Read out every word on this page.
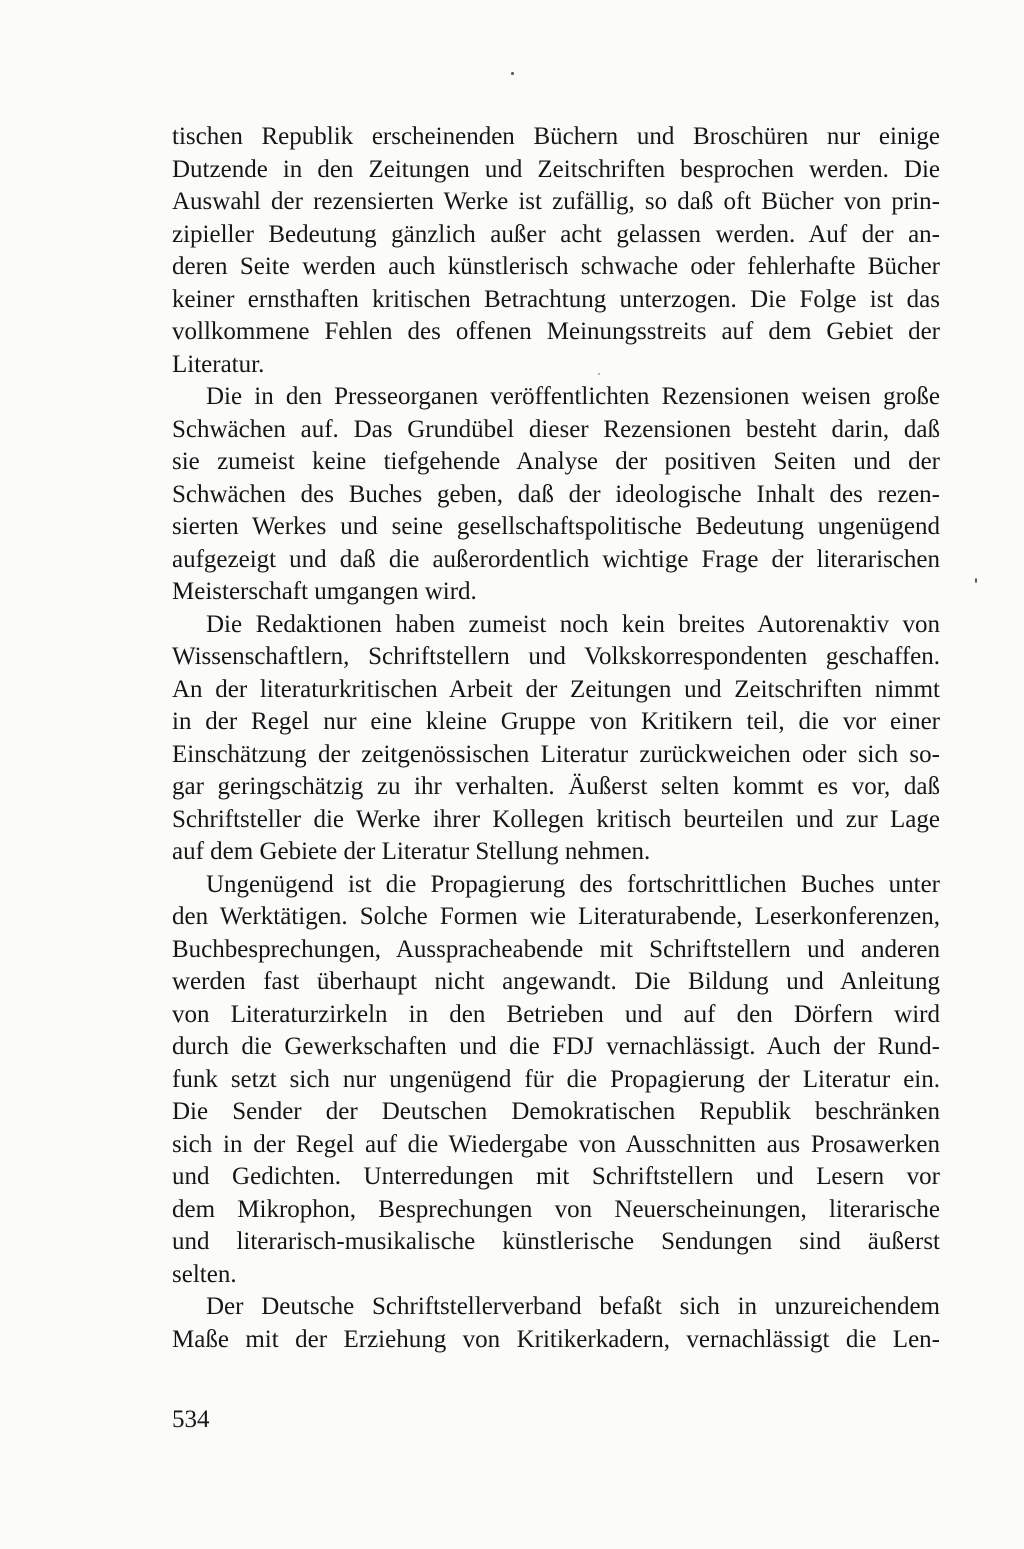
tischen Republik erscheinenden Büchern und Broschüren nur einige
Dutzende in den Zeitungen und Zeitschriften besprochen werden. Die
Auswahl der rezensierten Werke ist zufällig, so daß oft Bücher von prin-
zipieller Bedeutung gänzlich außer acht gelassen werden. Auf der an-
deren Seite werden auch künstlerisch schwache oder fehlerhafte Bücher
keiner ernsthaften kritischen Betrachtung unterzogen. Die Folge ist das
vollkommene Fehlen des offenen Meinungsstreits auf dem Gebiet der
Literatur.
Die in den Presseorganen veröffentlichten Rezensionen weisen große
Schwächen auf. Das Grundübel dieser Rezensionen besteht darin, daß
sie zumeist keine tiefgehende Analyse der positiven Seiten und der
Schwächen des Buches geben, daß der ideologische Inhalt des rezen-
sierten Werkes und seine gesellschaftspolitische Bedeutung ungenügend
aufgezeigt und daß die außerordentlich wichtige Frage der literarischen
Meisterschaft umgangen wird.
Die Redaktionen haben zumeist noch kein breites Autorenaktiv von
Wissenschaftlern, Schriftstellern und Volkskorrespondenten geschaffen.
An der literaturkritischen Arbeit der Zeitungen und Zeitschriften nimmt
in der Regel nur eine kleine Gruppe von Kritikern teil, die vor einer
Einschätzung der zeitgenössischen Literatur zurückweichen oder sich so-
gar geringschätzig zu ihr verhalten. Äußerst selten kommt es vor, daß
Schriftsteller die Werke ihrer Kollegen kritisch beurteilen und zur Lage
auf dem Gebiete der Literatur Stellung nehmen.
Ungenügend ist die Propagierung des fortschrittlichen Buches unter
den Werktätigen. Solche Formen wie Literaturabende, Leserkonferenzen,
Buchbesprechungen, Ausspracheabende mit Schriftstellern und anderen
werden fast überhaupt nicht angewandt. Die Bildung und Anleitung
von Literaturzirkeln in den Betrieben und auf den Dörfern wird
durch die Gewerkschaften und die FDJ vernachlässigt. Auch der Rund-
funk setzt sich nur ungenügend für die Propagierung der Literatur ein.
Die Sender der Deutschen Demokratischen Republik beschränken
sich in der Regel auf die Wiedergabe von Ausschnitten aus Prosawerken
und Gedichten. Unterredungen mit Schriftstellern und Lesern vor
dem Mikrophon, Besprechungen von Neuerscheinungen, literarische
und literarisch-musikalische künstlerische Sendungen sind äußerst
selten.
Der Deutsche Schriftstellerverband befaßt sich in unzureichendem
Maße mit der Erziehung von Kritikerkadern, vernachlässigt die Len-
534
